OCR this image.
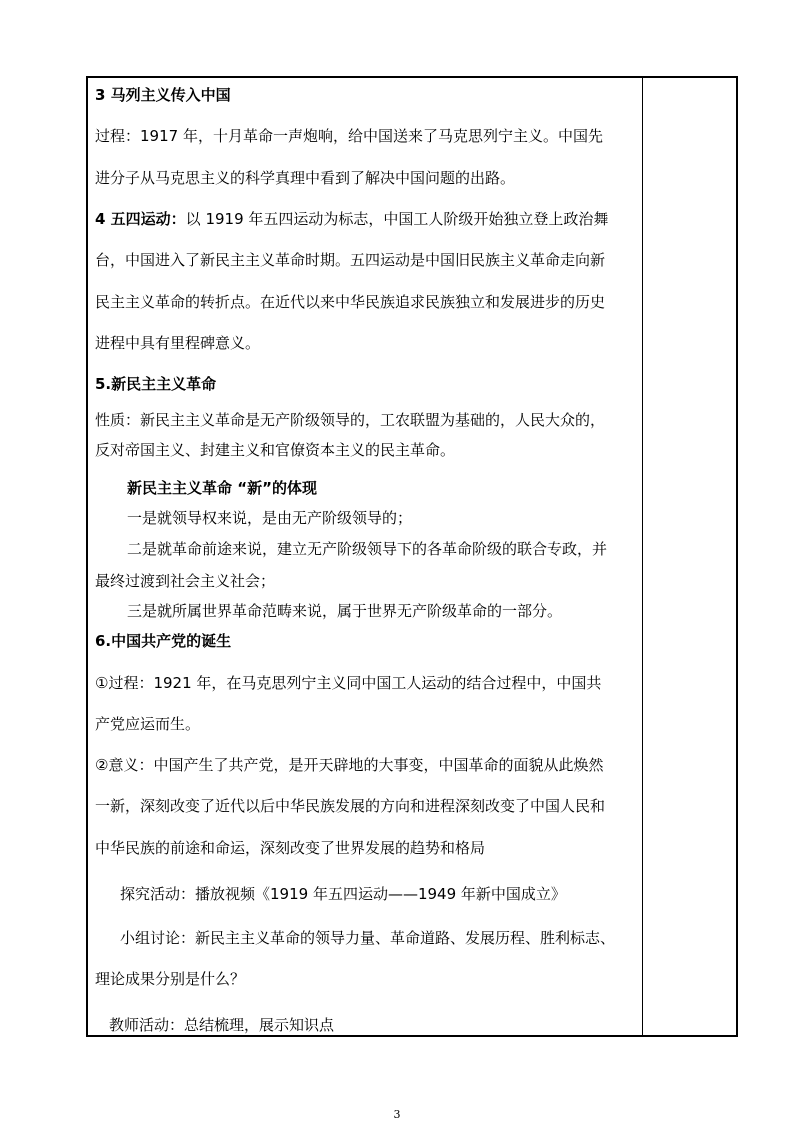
3 马列主义传入中国
过程：1917 年，十月革命一声炮响，给中国送来了马克思列宁主义。中国先
进分子从马克思主义的科学真理中看到了解决中国问题的出路。
4 五四运动：以 1919 年五四运动为标志，中国工人阶级开始独立登上政治舞
台，中国进入了新民主主义革命时期。五四运动是中国旧民族主义革命走向新
民主主义革命的转折点。在近代以来中华民族追求民族独立和发展进步的历史
进程中具有里程碑意义。
5.新民主主义革命
性质：新民主主义革命是无产阶级领导的，工农联盟为基础的，人民大众的，
反对帝国主义、封建主义和官僚资本主义的民主革命。
新民主主义革命 “新”的体现
一是就领导权来说，是由无产阶级领导的；
二是就革命前途来说，建立无产阶级领导下的各革命阶级的联合专政，并
最终过渡到社会主义社会；
三是就所属世界革命范畴来说，属于世界无产阶级革命的一部分。
6.中国共产党的诞生
①过程：1921 年，在马克思列宁主义同中国工人运动的结合过程中，中国共
产党应运而生。
②意义：中国产生了共产党，是开天辟地的大事变，中国革命的面貌从此焕然
一新，深刻改变了近代以后中华民族发展的方向和进程深刻改变了中国人民和
中华民族的前途和命运，深刻改变了世界发展的趋势和格局
探究活动：播放视频《1919 年五四运动——1949 年新中国成立》
小组讨论：新民主主义革命的领导力量、革命道路、发展历程、胜利标志、
理论成果分别是什么？
教师活动：总结梳理，展示知识点
3
